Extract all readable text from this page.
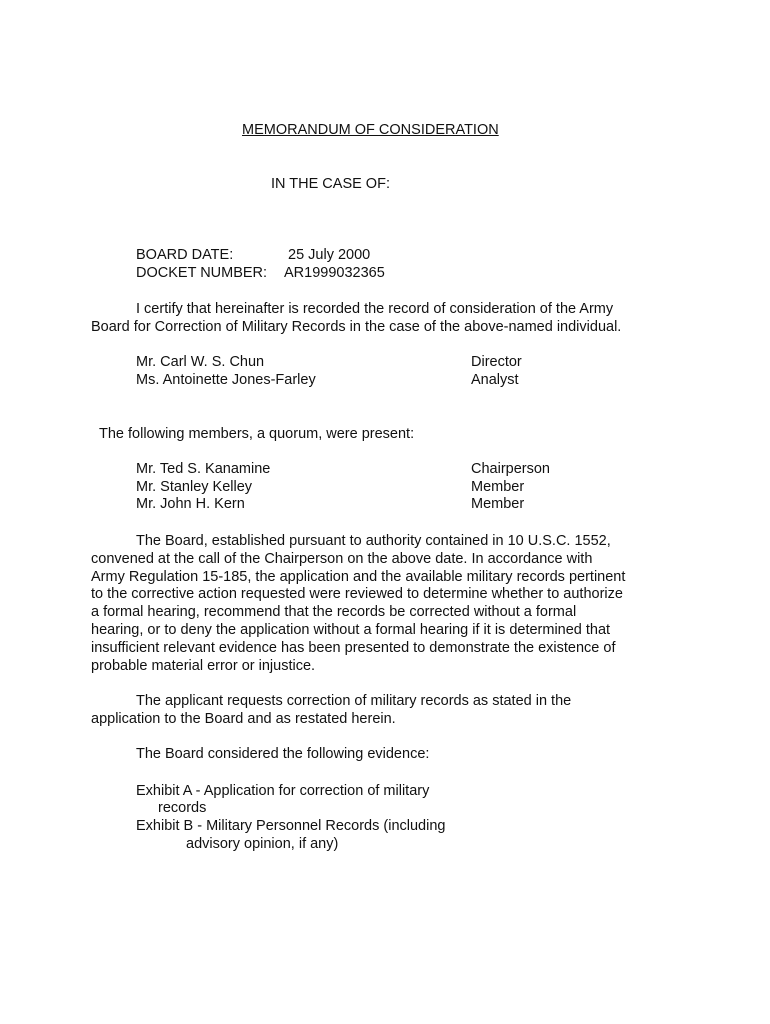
MEMORANDUM OF CONSIDERATION
IN THE CASE OF:
BOARD DATE:	25 July 2000
DOCKET NUMBER: AR1999032365
I certify that hereinafter is recorded the record of consideration of the Army
Board for Correction of Military Records in the case of the above-named individual.
Mr. Carl W. S. Chun	Director
Ms. Antoinette Jones-Farley	Analyst
The following members, a quorum, were present:
Mr. Ted S. Kanamine	Chairperson
Mr. Stanley Kelley	Member
Mr. John H. Kern	Member
The Board, established pursuant to authority contained in 10 U.S.C. 1552,
convened at the call of the Chairperson on the above date. In accordance with
Army Regulation 15-185, the application and the available military records pertinent
to the corrective action requested were reviewed to determine whether to authorize
a formal hearing, recommend that the records be corrected without a formal
hearing, or to deny the application without a formal hearing if it is determined that
insufficient relevant evidence has been presented to demonstrate the existence of
probable material error or injustice.
The applicant requests correction of military records as stated in the
application to the Board and as restated herein.
The Board considered the following evidence:
Exhibit A - Application for correction of military
records
Exhibit B - Military Personnel Records (including
advisory opinion, if any)
